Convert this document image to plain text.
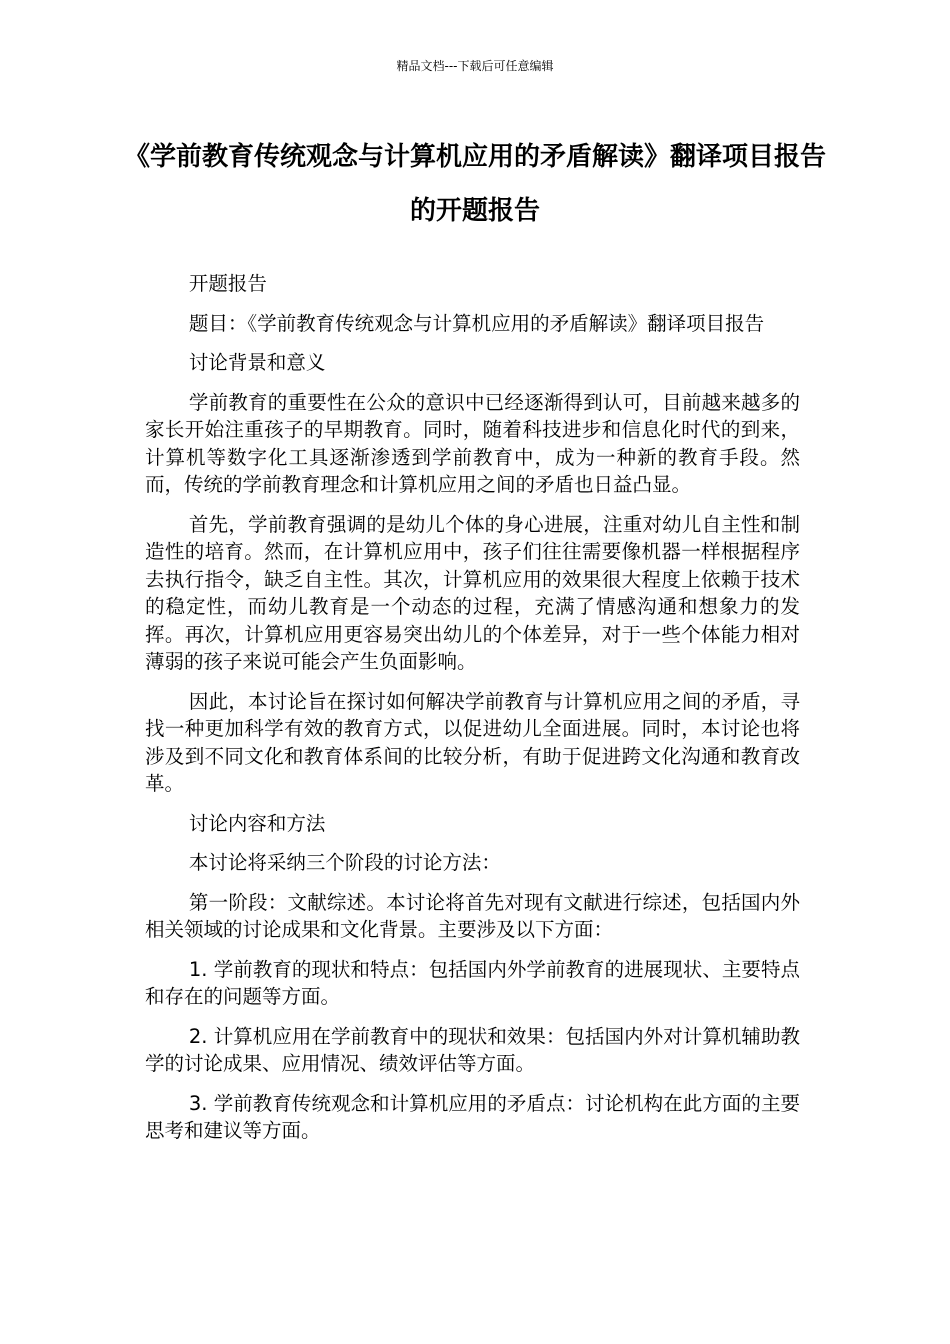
精品文档---下载后可任意编辑
《学前教育传统观念与计算机应用的矛盾解读》翻译项目报告的开题报告

开题报告

题目：《学前教育传统观念与计算机应用的矛盾解读》翻译项目报告

讨论背景和意义

学前教育的重要性在公众的意识中已经逐渐得到认可，目前越来越多的家长开始注重孩子的早期教育。同时，随着科技进步和信息化时代的到来，计算机等数字化工具逐渐渗透到学前教育中，成为一种新的教育手段。然而，传统的学前教育理念和计算机应用之间的矛盾也日益凸显。

首先，学前教育强调的是幼儿个体的身心进展，注重对幼儿自主性和制造性的培育。然而，在计算机应用中，孩子们往往需要像机器一样根据程序去执行指令，缺乏自主性。其次，计算机应用的效果很大程度上依赖于技术的稳定性，而幼儿教育是一个动态的过程，充满了情感沟通和想象力的发挥。再次，计算机应用更容易突出幼儿的个体差异，对于一些个体能力相对薄弱的孩子来说可能会产生负面影响。

因此，本讨论旨在探讨如何解决学前教育与计算机应用之间的矛盾，寻找一种更加科学有效的教育方式，以促进幼儿全面进展。同时，本讨论也将涉及到不同文化和教育体系间的比较分析，有助于促进跨文化沟通和教育改革。

讨论内容和方法

本讨论将采纳三个阶段的讨论方法：

第一阶段：文献综述。本讨论将首先对现有文献进行综述，包括国内外相关领域的讨论成果和文化背景。主要涉及以下方面：

1. 学前教育的现状和特点：包括国内外学前教育的进展现状、主要特点和存在的问题等方面。

2. 计算机应用在学前教育中的现状和效果：包括国内外对计算机辅助教学的讨论成果、应用情况、绩效评估等方面。

3. 学前教育传统观念和计算机应用的矛盾点：讨论机构在此方面的主要思考和建议等方面。
